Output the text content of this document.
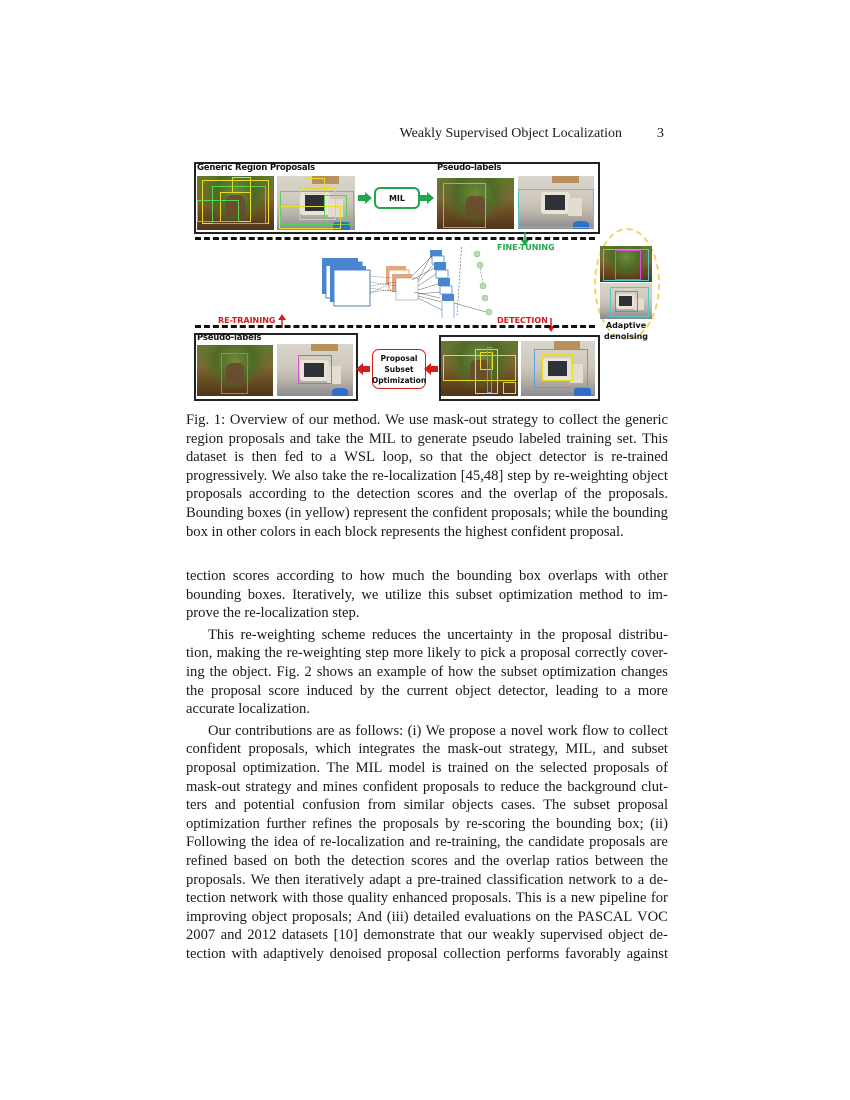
Weakly Supervised Object Localization	3
Generic Region Proposals
MIL
Pseudo-labels
FINE-TUNING
RE-TRAINING	DETECTION
Adaptive
denoising
Pseudo-labels
Proposal
Subset
Optimization
Fig. 1: Overview of our method. We use mask-out strategy to collect the generic
region proposals and take the MIL to generate pseudo labeled training set. This
dataset is then fed to a WSL loop, so that the object detector is re-trained
progressively. We also take the re-localization [45,48] step by re-weighting object
proposals according to the detection scores and the overlap of the proposals.
Bounding boxes (in yellow) represent the confident proposals; while the bounding
box in other colors in each block represents the highest confident proposal.

tection scores according to how much the bounding box overlaps with other
bounding boxes. Iteratively, we utilize this subset optimization method to im-
prove the re-localization step.

This re-weighting scheme reduces the uncertainty in the proposal distribu-
tion, making the re-weighting step more likely to pick a proposal correctly cover-
ing the object. Fig. 2 shows an example of how the subset optimization changes
the proposal score induced by the current object detector, leading to a more
accurate localization.

Our contributions are as follows: (i) We propose a novel work flow to collect
confident proposals, which integrates the mask-out strategy, MIL, and subset
proposal optimization. The MIL model is trained on the selected proposals of
mask-out strategy and mines confident proposals to reduce the background clut-
ters and potential confusion from similar objects cases. The subset proposal
optimization further refines the proposals by re-scoring the bounding box; (ii)
Following the idea of re-localization and re-training, the candidate proposals are
refined based on both the detection scores and the overlap ratios between the
proposals. We then iteratively adapt a pre-trained classification network to a de-
tection network with those quality enhanced proposals. This is a new pipeline for
improving object proposals; And (iii) detailed evaluations on the PASCAL VOC
2007 and 2012 datasets [10] demonstrate that our weakly supervised object de-
tection with adaptively denoised proposal collection performs favorably against
